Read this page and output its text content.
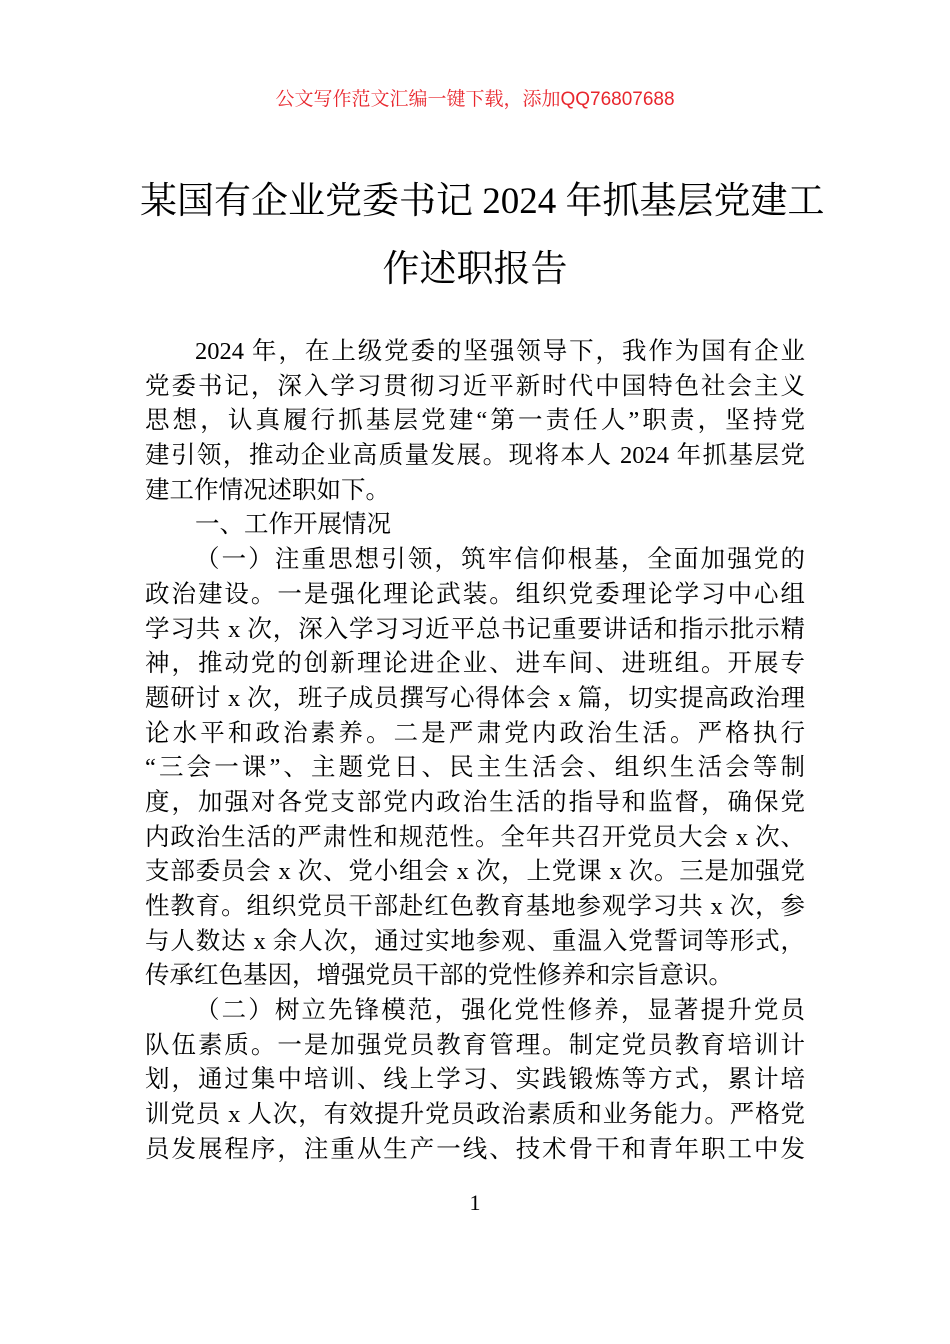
公文写作范文汇编一键下载，添加QQ76807688
某国有企业党委书记 2024 年抓基层党建工
作述职报告
2024 年，在上级党委的坚强领导下，我作为国有企业
党委书记，深入学习贯彻习近平新时代中国特色社会主义
思想，认真履行抓基层党建“第一责任人”职责，坚持党
建引领，推动企业高质量发展。现将本人 2024 年抓基层党
建工作情况述职如下。
一、工作开展情况
（一）注重思想引领，筑牢信仰根基，全面加强党的
政治建设。一是强化理论武装。组织党委理论学习中心组
学习共 x 次，深入学习习近平总书记重要讲话和指示批示精
神，推动党的创新理论进企业、进车间、进班组。开展专
题研讨 x 次，班子成员撰写心得体会 x 篇，切实提高政治理
论水平和政治素养。二是严肃党内政治生活。严格执行
“三会一课”、主题党日、民主生活会、组织生活会等制
度，加强对各党支部党内政治生活的指导和监督，确保党
内政治生活的严肃性和规范性。全年共召开党员大会 x 次、
支部委员会 x 次、党小组会 x 次，上党课 x 次。三是加强党
性教育。组织党员干部赴红色教育基地参观学习共 x 次，参
与人数达 x 余人次，通过实地参观、重温入党誓词等形式，
传承红色基因，增强党员干部的党性修养和宗旨意识。
（二）树立先锋模范，强化党性修养，显著提升党员
队伍素质。一是加强党员教育管理。制定党员教育培训计
划，通过集中培训、线上学习、实践锻炼等方式，累计培
训党员 x 人次，有效提升党员政治素质和业务能力。严格党
员发展程序，注重从生产一线、技术骨干和青年职工中发
1
